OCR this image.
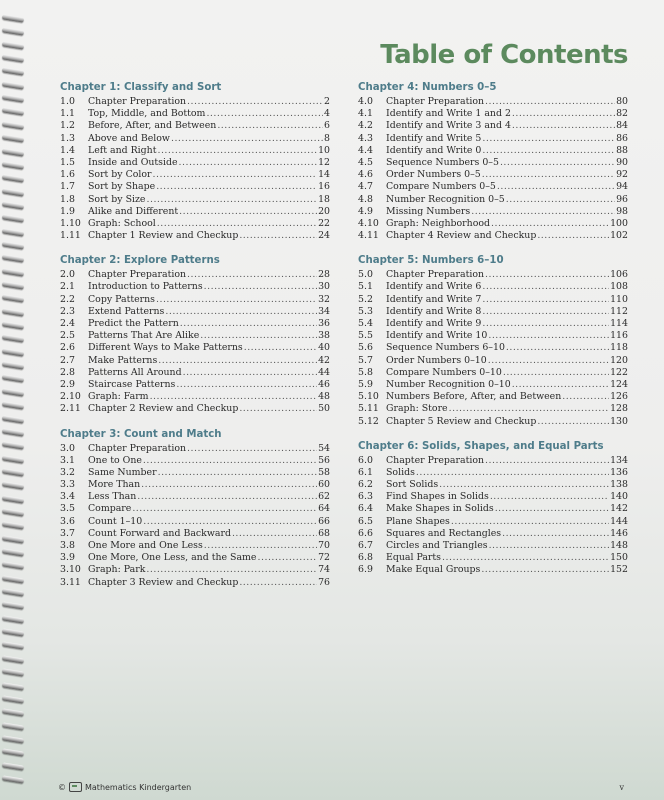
Table of Contents
Chapter 1: Classify and Sort
1.0	Chapter Preparation .....	2
1.1	Top, Middle, and Bottom .....	4
1.2	Before, After, and Between .....	6
1.3	Above and Below .....	8
1.4	Left and Right .....	10
1.5	Inside and Outside .....	12
1.6	Sort by Color .....	14
1.7	Sort by Shape .....	16
1.8	Sort by Size .....	18
1.9	Alike and Different .....	20
1.10 Graph: School .....	22
1.11 Chapter 1 Review and Checkup .....	24
Chapter 2: Explore Patterns
2.0	Chapter Preparation .....	28
2.1	Introduction to Patterns .....	30
2.2	Copy Patterns .....	32
2.3	Extend Patterns .....	34
2.4	Predict the Pattern .....	36
2.5	Patterns That Are Alike .....	38
2.6	Different Ways to Make Patterns .....	40
2.7	Make Patterns .....	42
2.8	Patterns All Around .....	44
2.9	Staircase Patterns .....	46
2.10 Graph: Farm .....	48
2.11 Chapter 2 Review and Checkup .....	50
Chapter 3: Count and Match
3.0	Chapter Preparation .....	54
3.1	One to One .....	56
3.2	Same Number .....	58
3.3	More Than .....	60
3.4	Less Than .....	62
3.5	Compare .....	64
3.6	Count 1–10 .....	66
3.7	Count Forward and Backward .....	68
3.8	One More and One Less .....	70
3.9	One More, One Less, and the Same .....	72
3.10 Graph: Park .....	74
3.11 Chapter 3 Review and Checkup .....	76
Chapter 4: Numbers 0–5
4.0	Chapter Preparation .....	80
4.1	Identify and Write 1 and 2 .....	82
4.2	Identify and Write 3 and 4 .....	84
4.3	Identify and Write 5 .....	86
4.4	Identify and Write 0 .....	88
4.5	Sequence Numbers 0–5 .....	90
4.6	Order Numbers 0–5 .....	92
4.7	Compare Numbers 0–5 .....	94
4.8	Number Recognition 0–5 .....	96
4.9	Missing Numbers .....	98
4.10 Graph: Neighborhood .....	100
4.11 Chapter 4 Review and Checkup .....	102
Chapter 5: Numbers 6–10
5.0	Chapter Preparation .....	106
5.1	Identify and Write 6 .....	108
5.2	Identify and Write 7 .....	110
5.3	Identify and Write 8 .....	112
5.4	Identify and Write 9 .....	114
5.5	Identify and Write 10 .....	116
5.6	Sequence Numbers 6–10 .....	118
5.7	Order Numbers 0–10 .....	120
5.8	Compare Numbers 0–10 .....	122
5.9	Number Recognition 0–10 .....	124
5.10 Numbers Before, After, and Between .....	126
5.11 Graph: Store .....	128
5.12 Chapter 5 Review and Checkup .....	130
Chapter 6: Solids, Shapes, and Equal Parts
6.0	Chapter Preparation .....	134
6.1	Solids .....	136
6.2	Sort Solids .....	138
6.3	Find Shapes in Solids .....	140
6.4	Make Shapes in Solids .....	142
6.5	Plane Shapes .....	144
6.6	Squares and Rectangles .....	146
6.7	Circles and Triangles .....	148
6.8	Equal Parts .....	150
6.9	Make Equal Groups .....	152
© Mathematics Kindergarten	v
